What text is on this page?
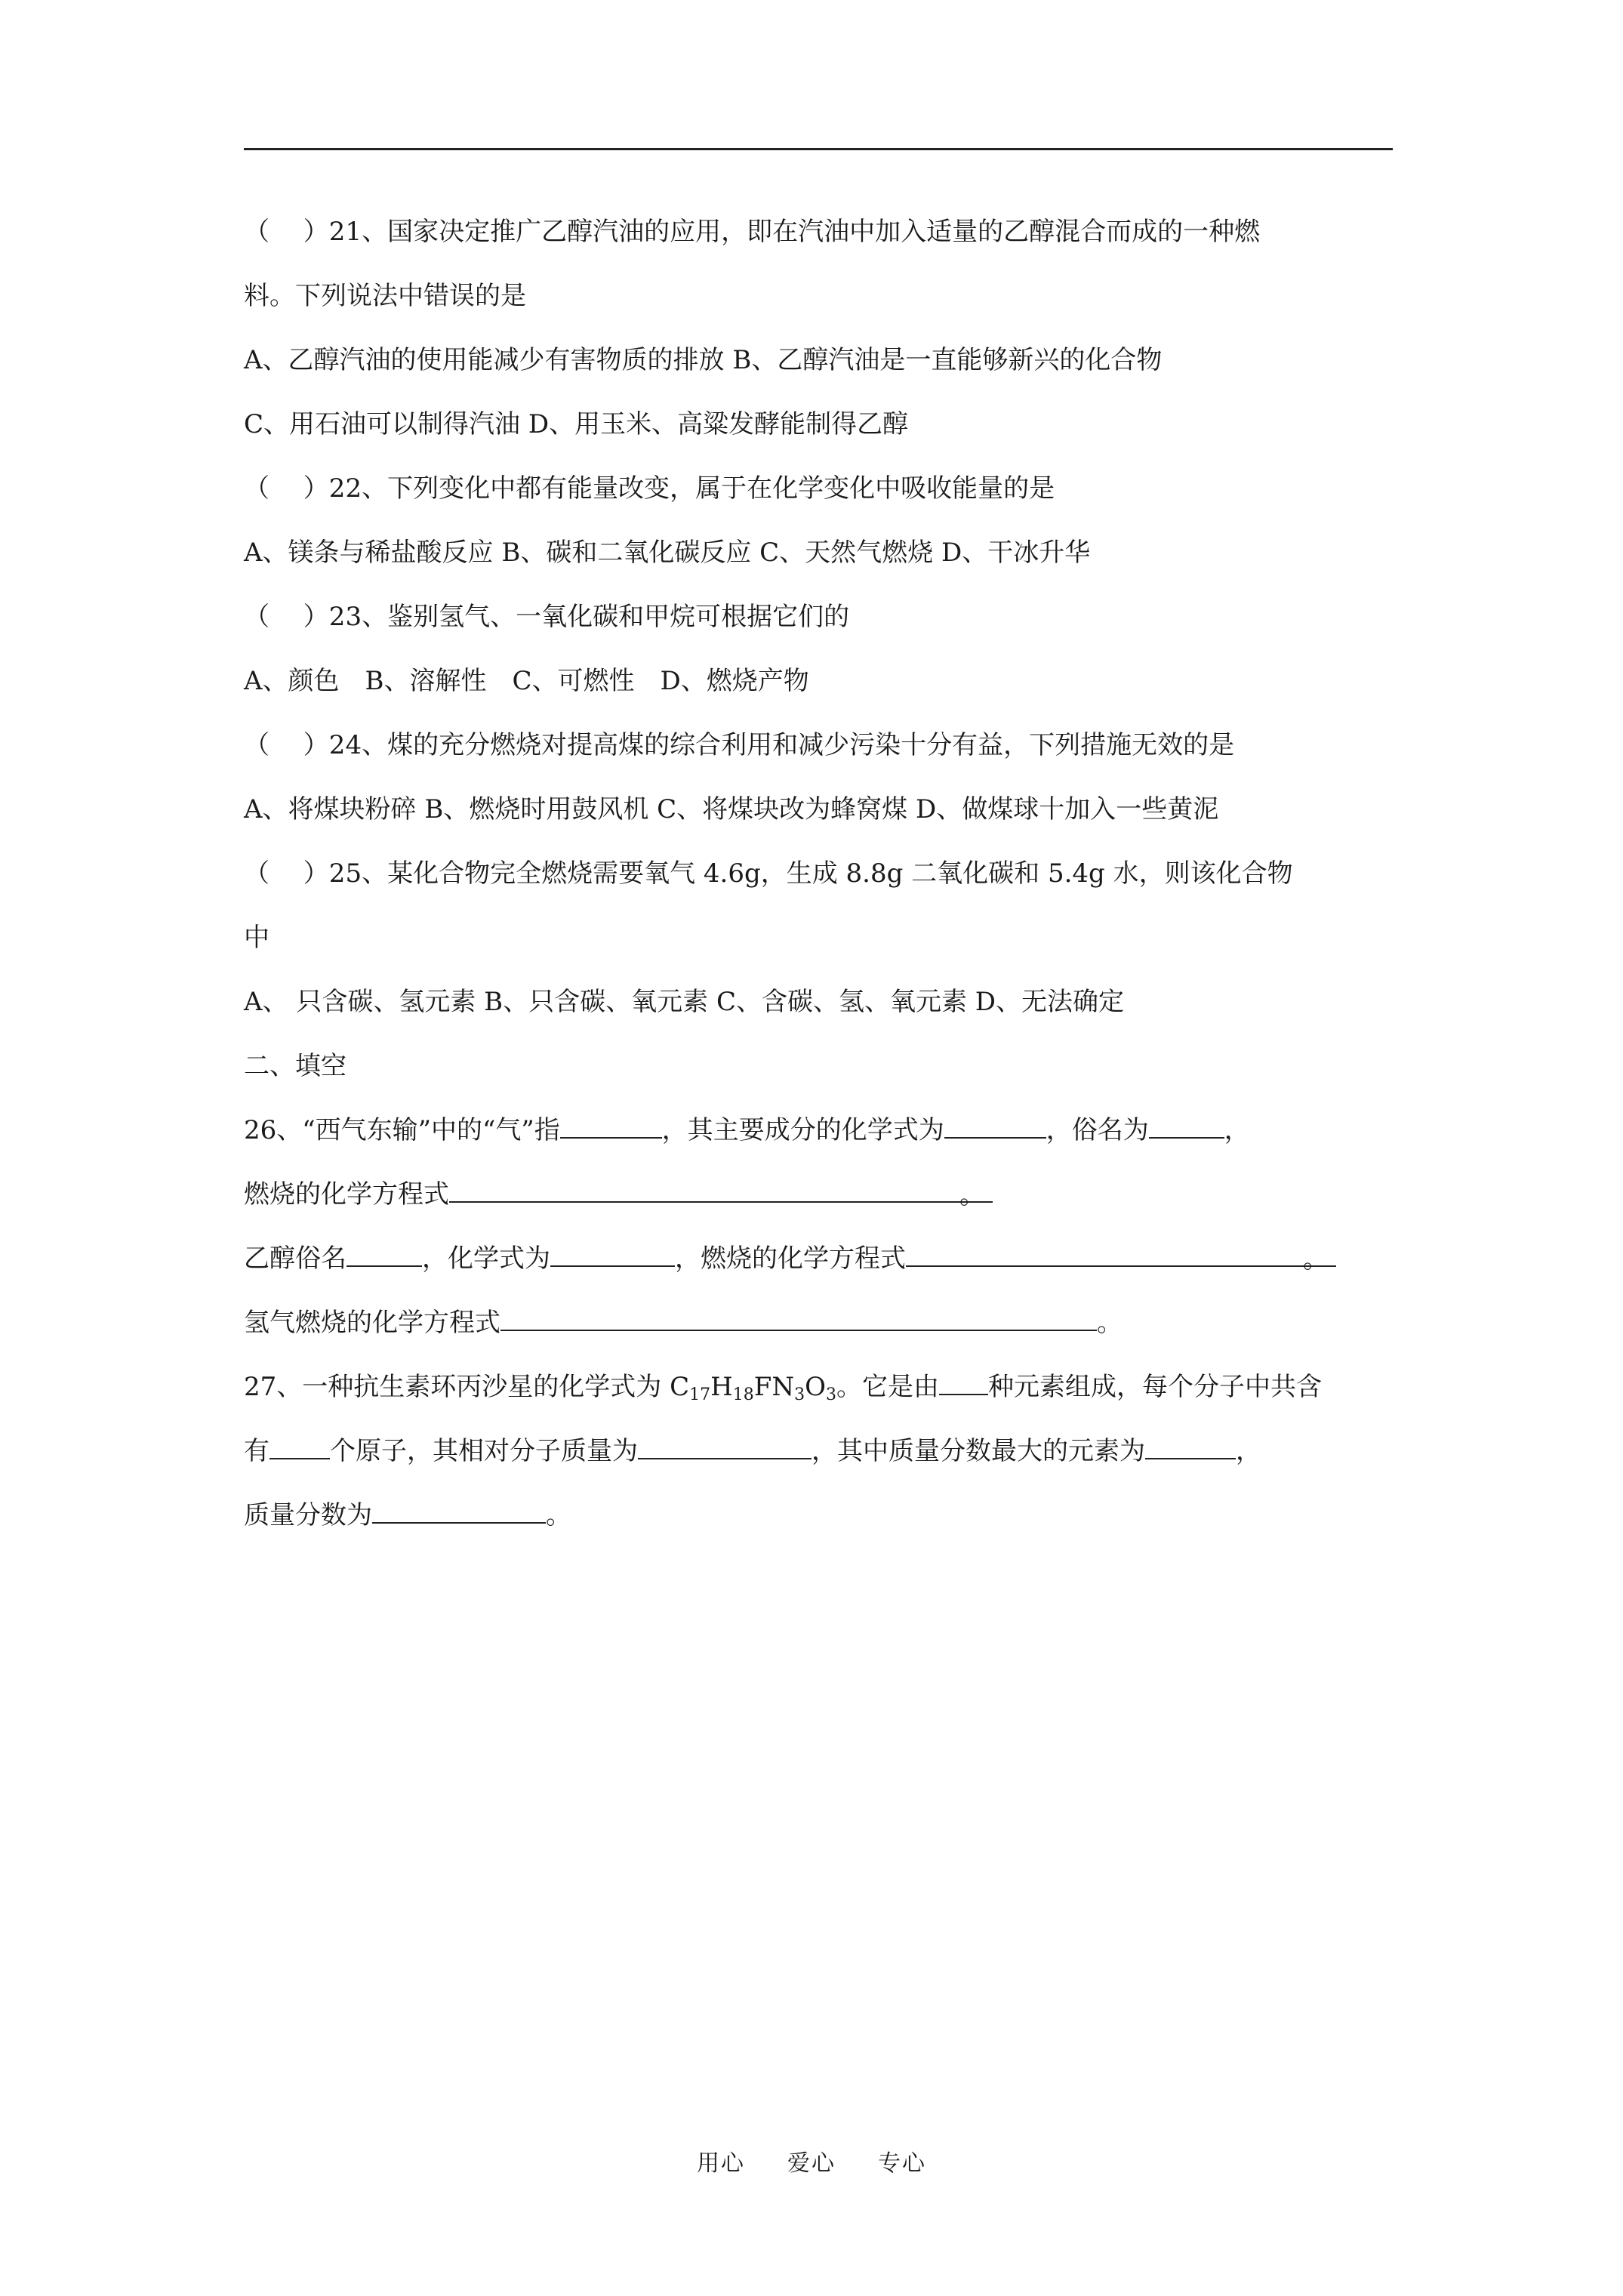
（　 ）21、国家决定推广乙醇汽油的应用，即在汽油中加入适量的乙醇混合而成的一种燃
料。下列说法中错误的是
A、乙醇汽油的使用能减少有害物质的排放 B、乙醇汽油是一直能够新兴的化合物
C、用石油可以制得汽油 D、用玉米、高粱发酵能制得乙醇
（　 ）22、下列变化中都有能量改变，属于在化学变化中吸收能量的是
A、镁条与稀盐酸反应 B、碳和二氧化碳反应 C、天然气燃烧 D、干冰升华
（　 ）23、鉴别氢气、一氧化碳和甲烷可根据它们的
A、颜色　B、溶解性　C、可燃性　D、燃烧产物
（　 ）24、煤的充分燃烧对提高煤的综合利用和减少污染十分有益，下列措施无效的是
A、将煤块粉碎 B、燃烧时用鼓风机 C、将煤块改为蜂窝煤 D、做煤球十加入一些黄泥
（　 ）25、某化合物完全燃烧需要氧气 4.6g，生成 8.8g 二氧化碳和 5.4g 水，则该化合物
中
A、 只含碳、氢元素 B、只含碳、氧元素 C、含碳、氢、氧元素 D、无法确定
二、填空
26、“西气东输”中的“气”指	，其主要成分的化学式为	，俗名为	，
燃烧的化学方程式	。
乙醇俗名	，化学式为	，燃烧的化学方程式	。
氢气燃烧的化学方程式	。
27、一种抗生素环丙沙星的化学式为 $C_{17}H_{18}FN_3O_3$。它是由 种元素组成，每个分子中共含
有 个原子，其相对分子质量为	，其中质量分数最大的元素为	，
质量分数为	。
用心 爱心 专心
